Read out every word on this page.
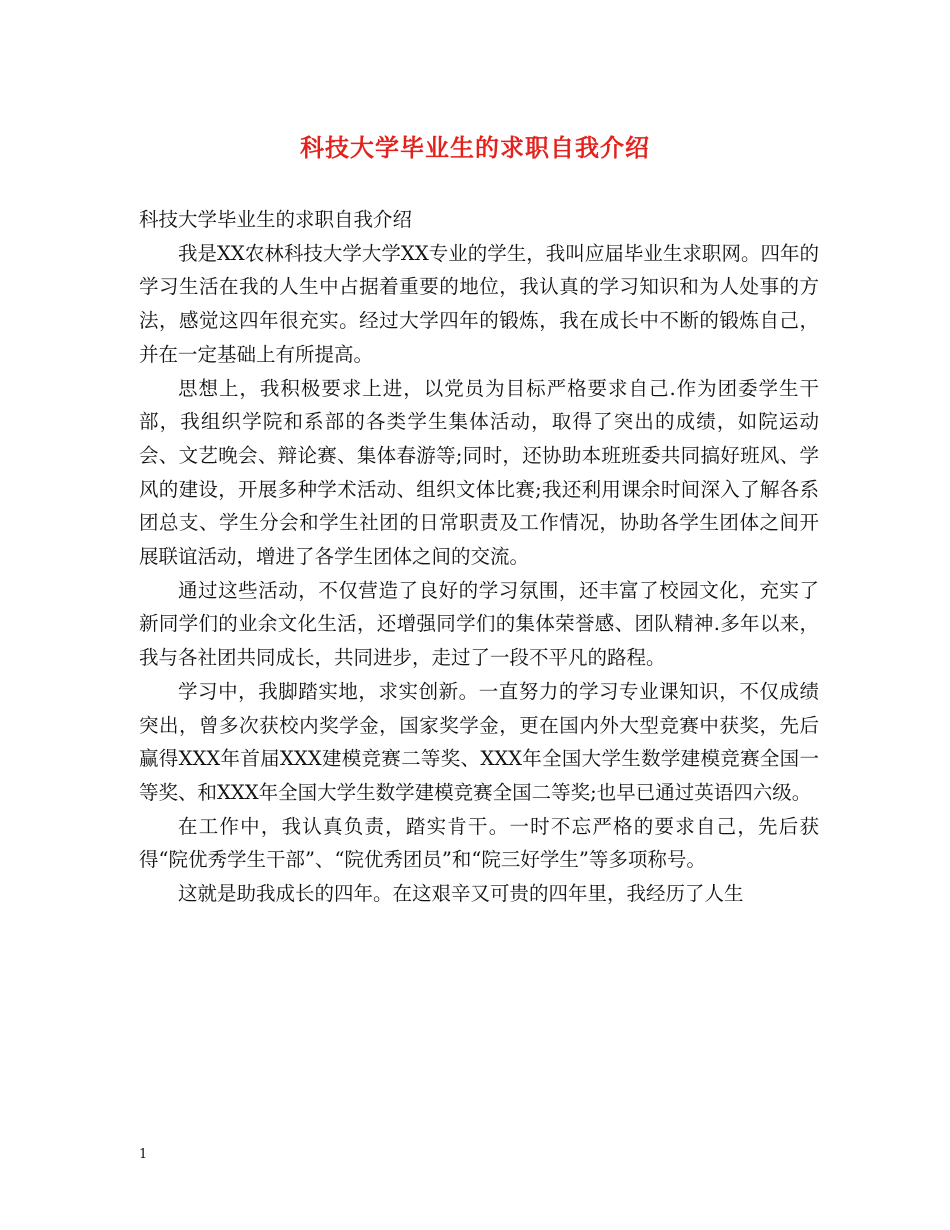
科技大学毕业生的求职自我介绍

科技大学毕业生的求职自我介绍

我是XX农林科技大学大学XX专业的学生，我叫应届毕业生求职网。四年的学习生活在我的人生中占据着重要的地位，我认真的学习知识和为人处事的方法，感觉这四年很充实。经过大学四年的锻炼，我在成长中不断的锻炼自己，并在一定基础上有所提高。

思想上，我积极要求上进，以党员为目标严格要求自己.作为团委学生干部，我组织学院和系部的各类学生集体活动，取得了突出的成绩，如院运动会、文艺晚会、辩论赛、集体春游等;同时，还协助本班班委共同搞好班风、学风的建设，开展多种学术活动、组织文体比赛;我还利用课余时间深入了解各系团总支、学生分会和学生社团的日常职责及工作情况，协助各学生团体之间开展联谊活动，增进了各学生团体之间的交流。

通过这些活动，不仅营造了良好的学习氛围，还丰富了校园文化，充实了新同学们的业余文化生活，还增强同学们的集体荣誉感、团队精神.多年以来，我与各社团共同成长，共同进步，走过了一段不平凡的路程。

学习中，我脚踏实地，求实创新。一直努力的学习专业课知识，不仅成绩突出，曾多次获校内奖学金，国家奖学金，更在国内外大型竞赛中获奖，先后赢得XXX年首届XXX建模竞赛二等奖、XXX年全国大学生数学建模竞赛全国一等奖、和XXX年全国大学生数学建模竞赛全国二等奖;也早已通过英语四六级。

在工作中，我认真负责，踏实肯干。一时不忘严格的要求自己，先后获得“院优秀学生干部”、“院优秀团员”和“院三好学生”等多项称号。

这就是助我成长的四年。在这艰辛又可贵的四年里，我经历了人生

1
